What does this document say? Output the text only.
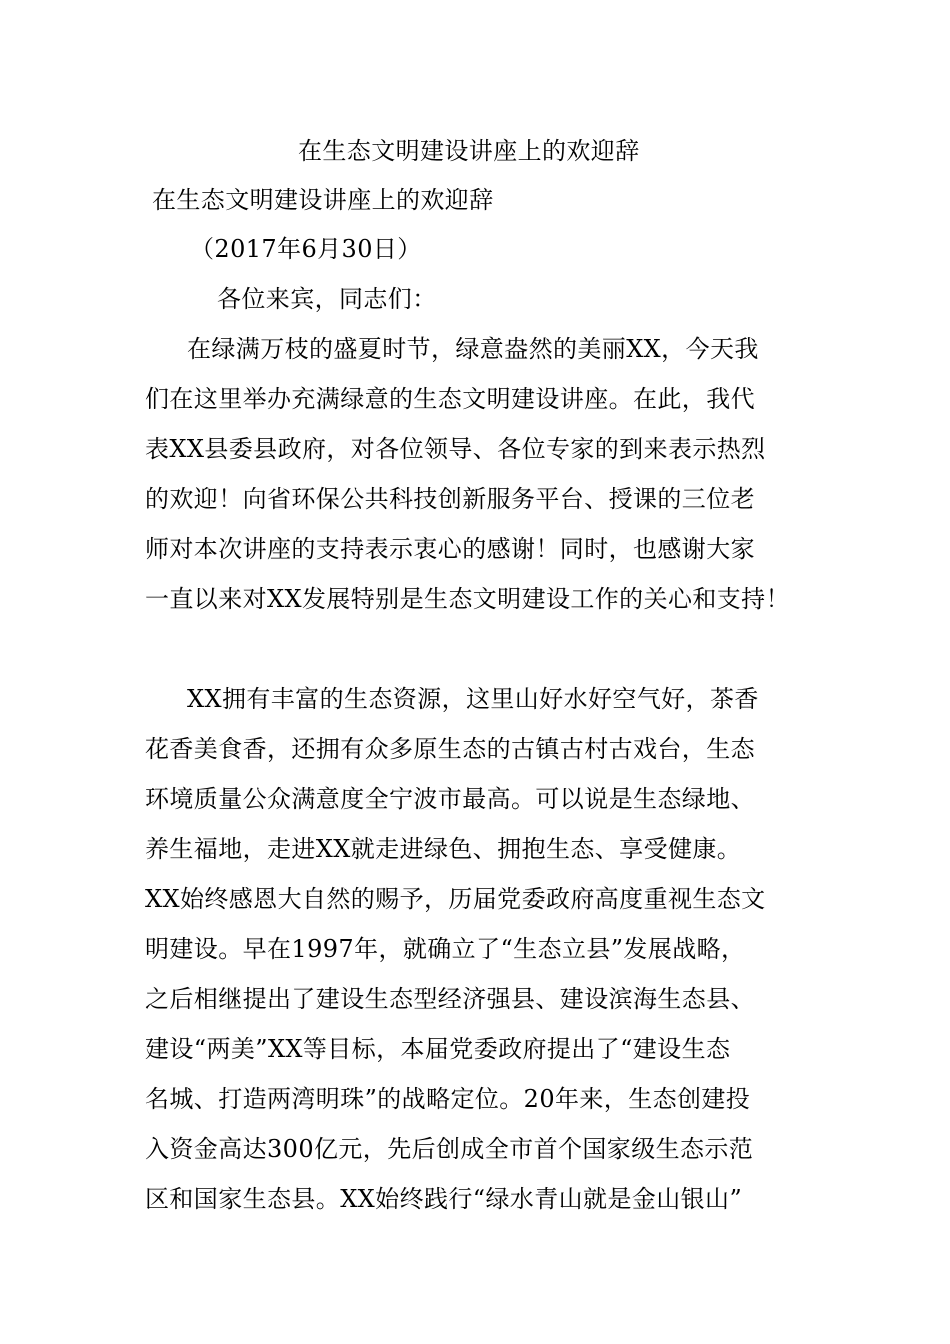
在生态文明建设讲座上的欢迎辞
在生态文明建设讲座上的欢迎辞
（2017年6月30日）
各位来宾，同志们：
在绿满万枝的盛夏时节，绿意盎然的美丽XX，今天我
们在这里举办充满绿意的生态文明建设讲座。在此，我代
表XX县委县政府，对各位领导、各位专家的到来表示热烈
的欢迎！向省环保公共科技创新服务平台、授课的三位老
师对本次讲座的支持表示衷心的感谢！同时，也感谢大家
一直以来对XX发展特别是生态文明建设工作的关心和支持！
XX拥有丰富的生态资源，这里山好水好空气好，茶香
花香美食香，还拥有众多原生态的古镇古村古戏台，生态
环境质量公众满意度全宁波市最高。可以说是生态绿地、
养生福地，走进XX就走进绿色、拥抱生态、享受健康。
XX始终感恩大自然的赐予，历届党委政府高度重视生态文
明建设。早在1997年，就确立了“生态立县”发展战略，
之后相继提出了建设生态型经济强县、建设滨海生态县、
建设“两美”XX等目标，本届党委政府提出了“建设生态
名城、打造两湾明珠”的战略定位。20年来，生态创建投
入资金高达300亿元，先后创成全市首个国家级生态示范
区和国家生态县。XX始终践行“绿水青山就是金山银山”
